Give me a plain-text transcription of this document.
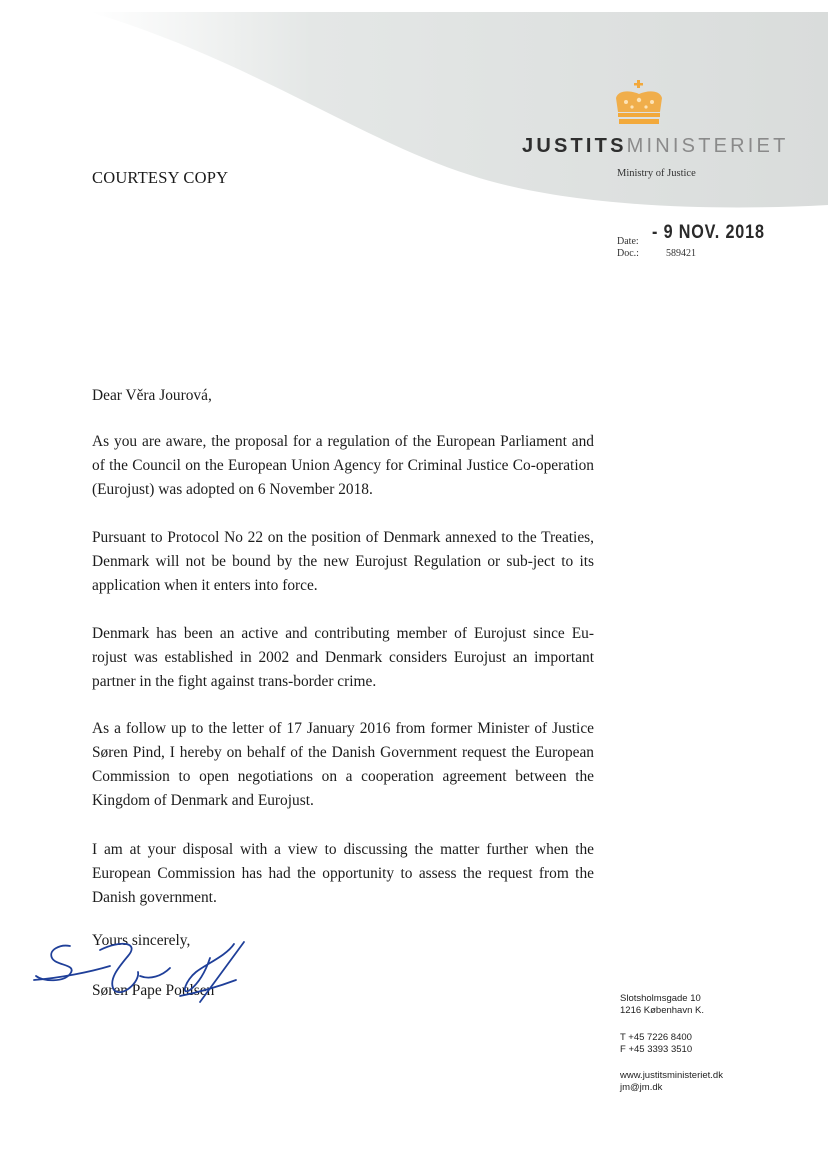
JUSTITSMINISTERIET
Ministry of Justice
COURTESY COPY
Date: - 9 NOV. 2018
Doc.:	589421
Dear Věra Jourová,
As you are aware, the proposal for a regulation of the European Parliament and of the Council on the European Union Agency for Criminal Justice Co-operation (Eurojust) was adopted on 6 November 2018.
Pursuant to Protocol No 22 on the position of Denmark annexed to the Treaties, Denmark will not be bound by the new Eurojust Regulation or sub-ject to its application when it enters into force.
Denmark has been an active and contributing member of Eurojust since Eu-rojust was established in 2002 and Denmark considers Eurojust an important partner in the fight against trans-border crime.
As a follow up to the letter of 17 January 2016 from former Minister of Justice Søren Pind, I hereby on behalf of the Danish Government request the European Commission to open negotiations on a cooperation agreement between the Kingdom of Denmark and Eurojust.
I am at your disposal with a view to discussing the matter further when the European Commission has had the opportunity to assess the request from the Danish government.
Yours sincerely,
Søren Pape Poulsen	Slotsholmsgade 10
1216 København K.
T +45 7226 8400
F +45 3393 3510
www.justitsministeriet.dk
jm@jm.dk
